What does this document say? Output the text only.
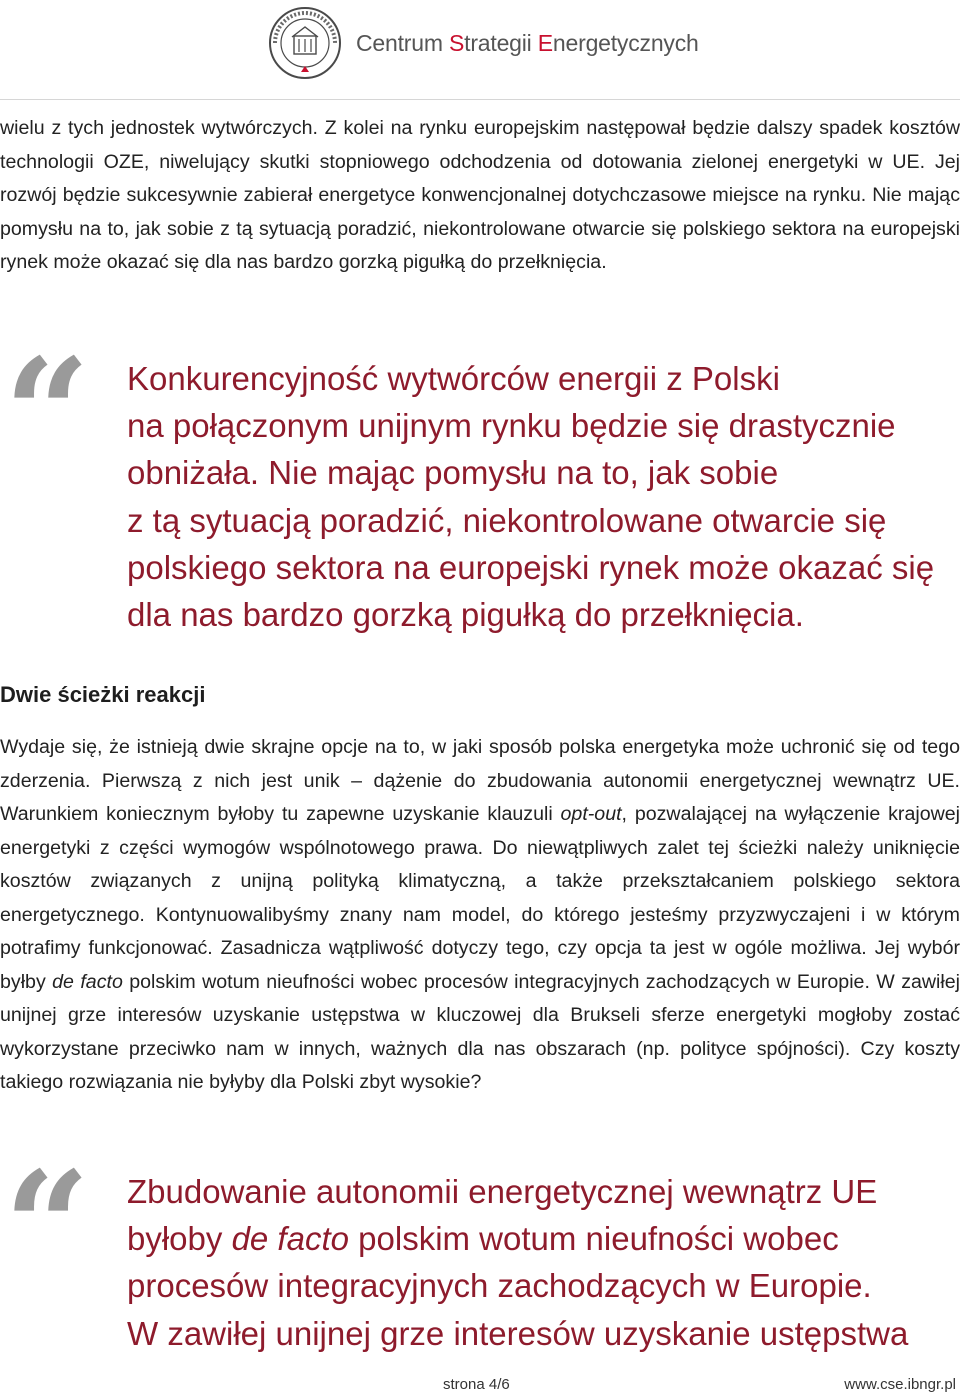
Centrum Strategii Energetycznych

wielu z tych jednostek wytwórczych. Z kolei na rynku europejskim następował będzie dalszy spadek kosztów technologii OZE, niwelujący skutki stopniowego odchodzenia od dotowania zielonej energetyki w UE. Jej rozwój będzie sukcesywnie zabierał energetyce konwencjonalnej dotychczasowe miejsce na rynku. Nie mając pomysłu na to, jak sobie z tą sytuacją poradzić, niekontrolowane otwarcie się polskiego sektora na europejski rynek może okazać się dla nas bardzo gorzką pigułką do przełknięcia.

“ Konkurencyjność wytwórców energii z Polski
na połączonym unijnym rynku będzie się drastycznie obniżała. Nie mając pomysłu na to, jak sobie
z tą sytuacją poradzić, niekontrolowane otwarcie się polskiego sektora na europejski rynek może okazać się dla nas bardzo gorzką pigułką do przełknięcia.
Dwie ścieżki reakcji

Wydaje się, że istnieją dwie skrajne opcje na to, w jaki sposób polska energetyka może uchronić się od tego zderzenia. Pierwszą z nich jest unik – dążenie do zbudowania autonomii energetycznej wewnątrz UE. Warunkiem koniecznym byłoby tu zapewne uzyskanie klauzuli opt-out, pozwalającej na wyłączenie krajowej energetyki z części wymogów wspólnotowego prawa. Do niewątpliwych zalet tej ścieżki należy uniknięcie kosztów związanych z unijną polityką klimatyczną, a także przekształcaniem polskiego sektora energetycznego. Kontynuowalibyśmy znany nam model, do którego jesteśmy przyzwyczajeni i w którym potrafimy funkcjonować. Zasadnicza wątpliwość dotyczy tego, czy opcja ta jest w ogóle możliwa. Jej wybór byłby de facto polskim wotum nieufności wobec procesów integracyjnych zachodzących w Europie. W zawiłej unijnej grze interesów uzyskanie ustępstwa w kluczowej dla Brukseli sferze energetyki mogłoby zostać wykorzystane przeciwko nam w innych, ważnych dla nas obszarach (np. polityce spójności). Czy koszty takiego rozwiązania nie byłyby dla Polski zbyt wysokie?

“ Zbudowanie autonomii energetycznej wewnątrz UE
byłoby de facto polskim wotum nieufności wobec
procesów integracyjnych zachodzących w Europie.
W zawiłej unijnej grze interesów uzyskanie ustępstwa
strona 4/6	www.cse.ibngr.pl
